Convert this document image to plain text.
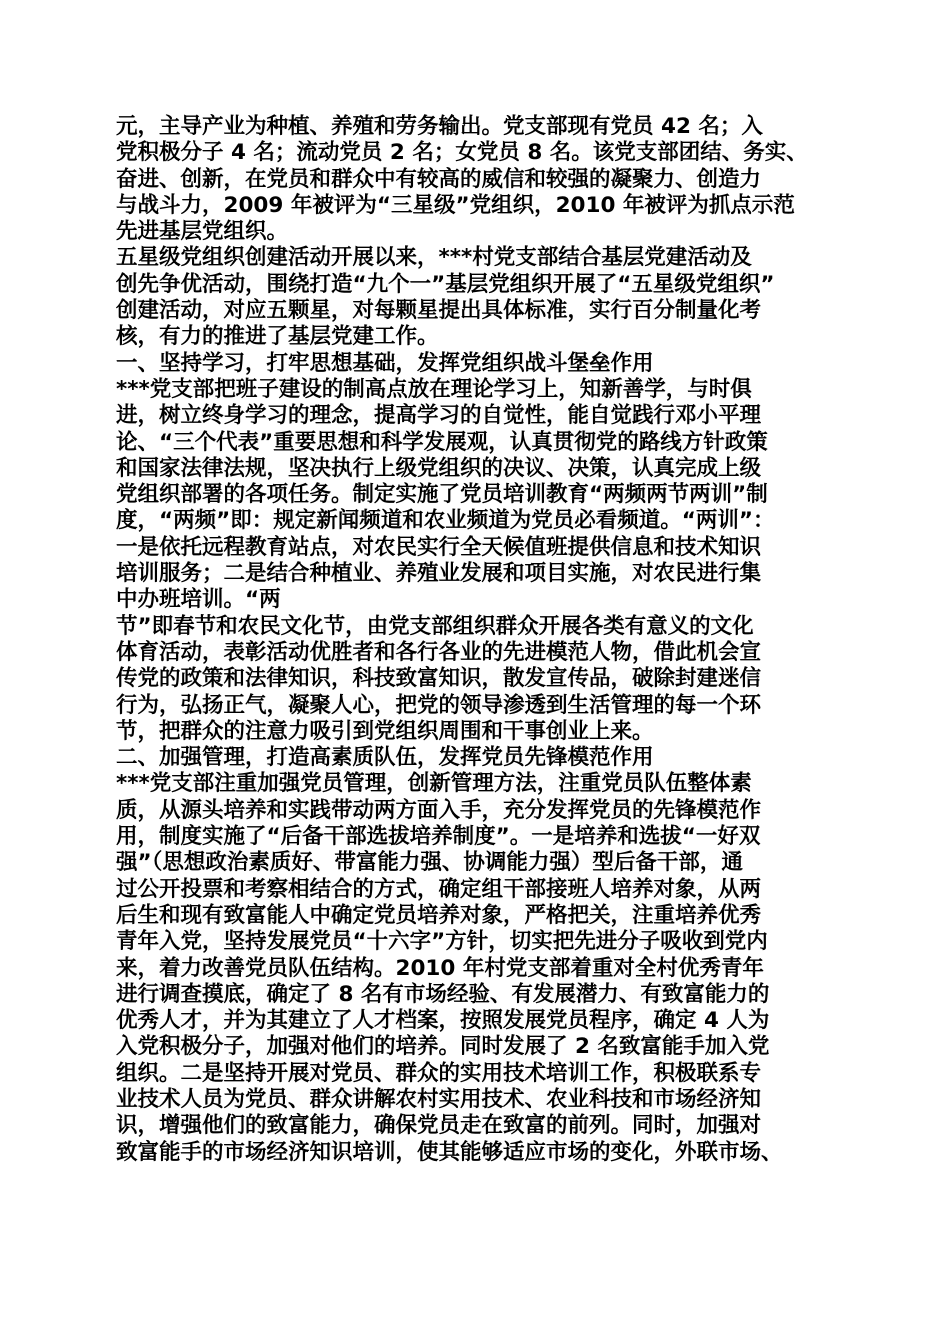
元，主导产业为种植、养殖和劳务输出。党支部现有党员 42 名；入

党积极分子 4 名；流动党员 2 名；女党员 8 名。该党支部团结、务实、

奋进、创新，在党员和群众中有较高的威信和较强的凝聚力、创造力

与战斗力，2009 年被评为“三星级”党组织，2010 年被评为抓点示范

先进基层党组织。

五星级党组织创建活动开展以来，***村党支部结合基层党建活动及

创先争优活动，围绕打造“九个一”基层党组织开展了“五星级党组织”

创建活动，对应五颗星，对每颗星提出具体标准，实行百分制量化考

核，有力的推进了基层党建工作。

一、坚持学习，打牢思想基础，发挥党组织战斗堡垒作用

***党支部把班子建设的制高点放在理论学习上，知新善学，与时俱

进，树立终身学习的理念，提高学习的自觉性，能自觉践行邓小平理

论、“三个代表”重要思想和科学发展观，认真贯彻党的路线方针政策

和国家法律法规，坚决执行上级党组织的决议、决策，认真完成上级

党组织部署的各项任务。制定实施了党员培训教育“两频两节两训”制

度，“两频”即：规定新闻频道和农业频道为党员必看频道。“两训”：

一是依托远程教育站点，对农民实行全天候值班提供信息和技术知识

培训服务；二是结合种植业、养殖业发展和项目实施，对农民进行集

中办班培训。“两

节”即春节和农民文化节，由党支部组织群众开展各类有意义的文化

体育活动，表彰活动优胜者和各行各业的先进模范人物，借此机会宣

传党的政策和法律知识，科技致富知识，散发宣传品，破除封建迷信

行为，弘扬正气，凝聚人心，把党的领导渗透到生活管理的每一个环

节，把群众的注意力吸引到党组织周围和干事创业上来。

二、加强管理，打造高素质队伍，发挥党员先锋模范作用

***党支部注重加强党员管理，创新管理方法，注重党员队伍整体素

质，从源头培养和实践带动两方面入手，充分发挥党员的先锋模范作

用，制度实施了“后备干部选拔培养制度”。一是培养和选拔“一好双

强”（思想政治素质好、带富能力强、协调能力强）型后备干部，通

过公开投票和考察相结合的方式，确定组干部接班人培养对象，从两

后生和现有致富能人中确定党员培养对象，严格把关，注重培养优秀

青年入党，坚持发展党员“十六字”方针，切实把先进分子吸收到党内

来，着力改善党员队伍结构。2010 年村党支部着重对全村优秀青年

进行调查摸底，确定了 8 名有市场经验、有发展潜力、有致富能力的

优秀人才，并为其建立了人才档案，按照发展党员程序，确定 4 人为

入党积极分子，加强对他们的培养。同时发展了 2 名致富能手加入党

组织。二是坚持开展对党员、群众的实用技术培训工作，积极联系专

业技术人员为党员、群众讲解农村实用技术、农业科技和市场经济知

识，增强他们的致富能力，确保党员走在致富的前列。同时，加强对

致富能手的市场经济知识培训，使其能够适应市场的变化，外联市场、
